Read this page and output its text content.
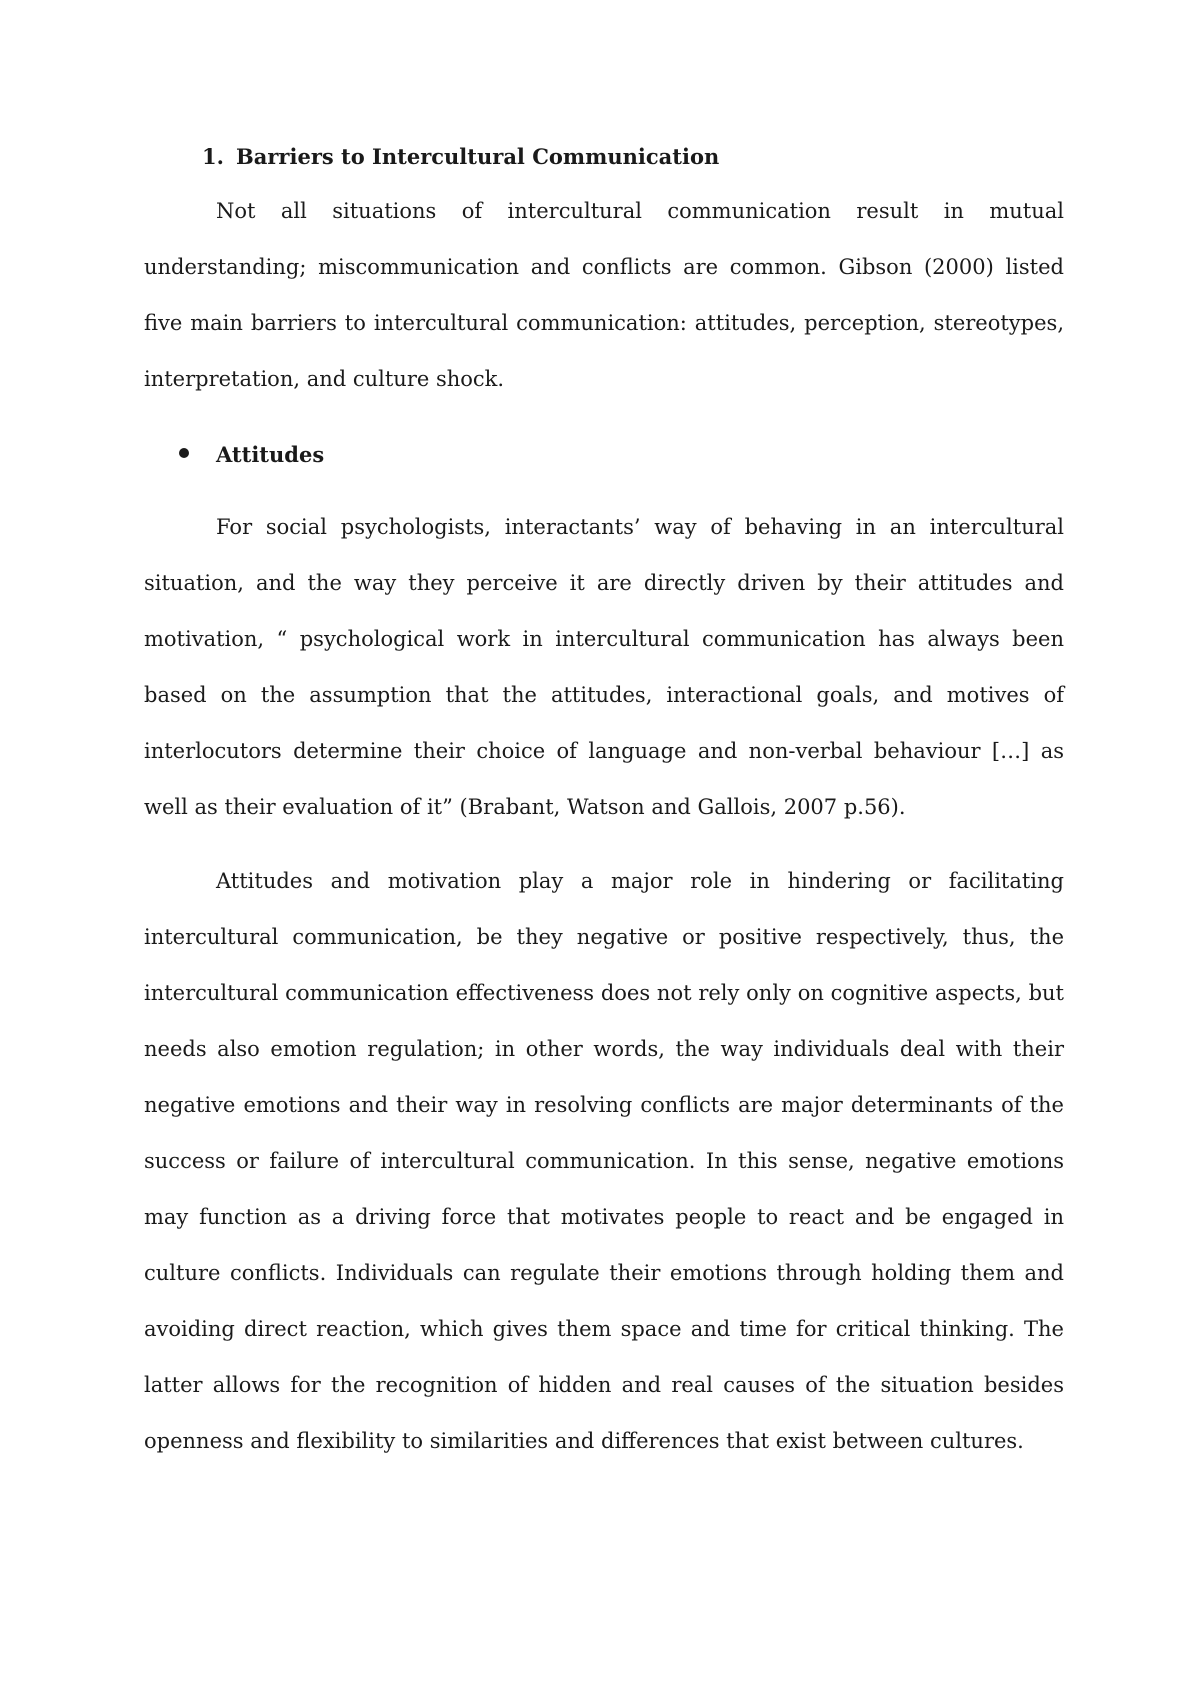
1. Barriers to Intercultural Communication

Not all situations of intercultural communication result in mutual understanding; miscommunication and conflicts are common. Gibson (2000) listed five main barriers to intercultural communication: attitudes, perception, stereotypes, interpretation, and culture shock.

Attitudes

For social psychologists, interactants’ way of behaving in an intercultural situation, and the way they perceive it are directly driven by their attitudes and motivation, “ psychological work in intercultural communication has always been based on the assumption that the attitudes, interactional goals, and motives of interlocutors determine their choice of language and non-verbal behaviour […] as well as their evaluation of it” (Brabant, Watson and Gallois, 2007 p.56).

Attitudes and motivation play a major role in hindering or facilitating intercultural communication, be they negative or positive respectively, thus, the intercultural communication effectiveness does not rely only on cognitive aspects, but needs also emotion regulation; in other words, the way individuals deal with their negative emotions and their way in resolving conflicts are major determinants of the success or failure of intercultural communication. In this sense, negative emotions may function as a driving force that motivates people to react and be engaged in culture conflicts. Individuals can regulate their emotions through holding them and avoiding direct reaction, which gives them space and time for critical thinking. The latter allows for the recognition of hidden and real causes of the situation besides openness and flexibility to similarities and differences that exist between cultures.
